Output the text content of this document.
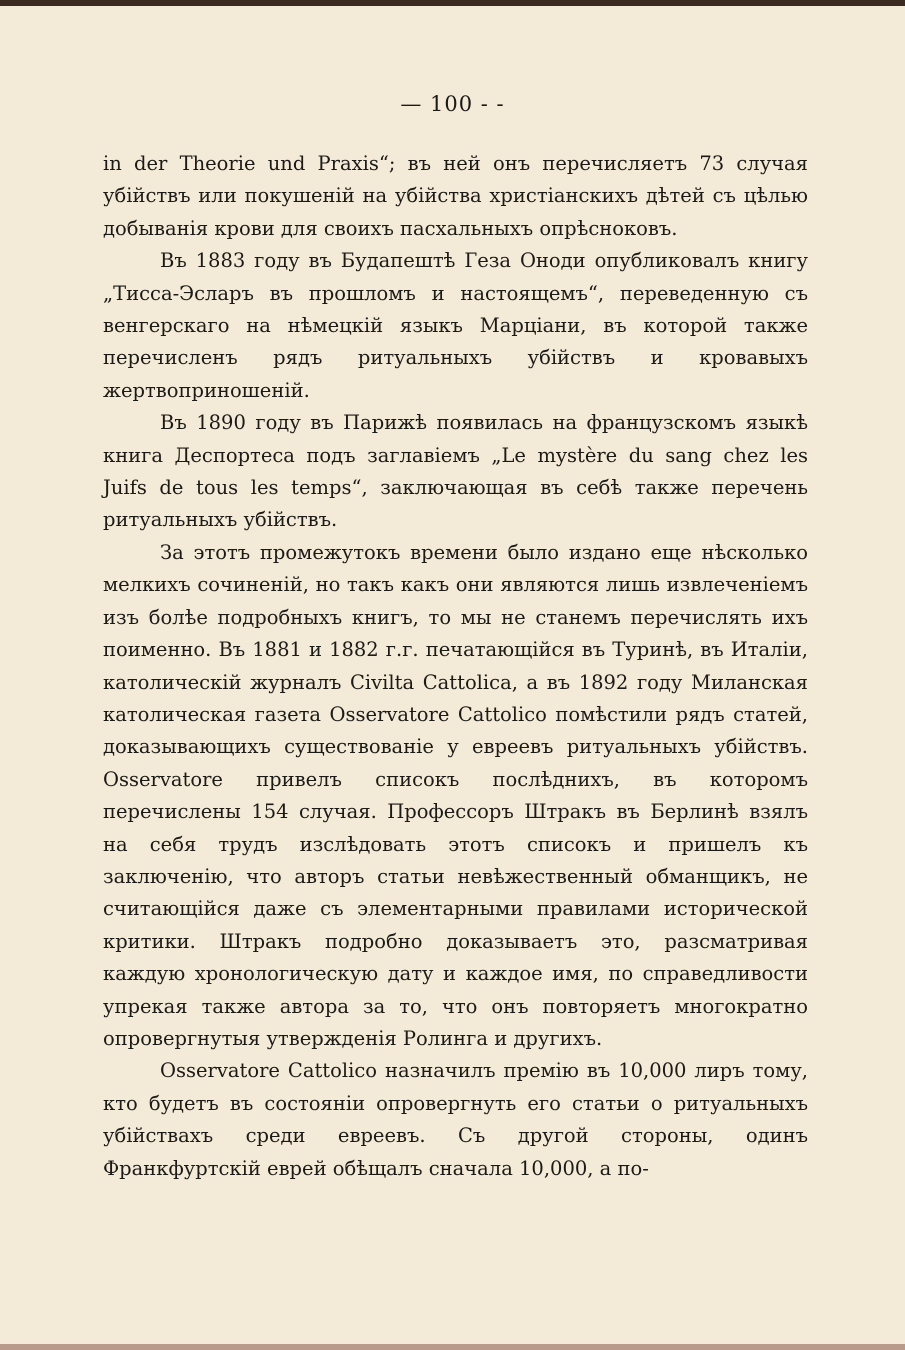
— 100 - -

in der Theorie und Praxis“; въ ней онъ перечисляетъ 73 случая убійствъ или покушеній на убійства христіанскихъ дѣтей съ цѣлью добыванія крови для своихъ пасхальныхъ опрѣсноковъ.

Въ 1883 году въ Будапештѣ Геза Оноди опубликовалъ книгу „Тисса-Эсларъ въ прошломъ и настоящемъ“, переведенную съ венгерскаго на нѣмецкій языкъ Марціани, въ которой также перечисленъ рядъ ритуальныхъ убійствъ и кровавыхъ жертвоприношеній.

Въ 1890 году въ Парижѣ появилась на французскомъ языкѣ книга Деспортеса подъ заглавіемъ „Le mystère du sang chez les Juifs de tous les temps“, заключающая въ себѣ также перечень ритуальныхъ убійствъ.

За этотъ промежутокъ времени было издано еще нѣсколько мелкихъ сочиненій, но такъ какъ они являются лишь извлеченіемъ изъ болѣе подробныхъ книгъ, то мы не станемъ перечислять ихъ поименно. Въ 1881 и 1882 г.г. печатающійся въ Туринѣ, въ Италіи, католическій журналъ Civilta Cattolica, а въ 1892 году Миланская католическая газета Osservatore Cattolico помѣстили рядъ статей, доказывающихъ существованіе у евреевъ ритуальныхъ убійствъ. Osservatore привелъ списокъ послѣднихъ, въ которомъ перечислены 154 случая. Профессоръ Штракъ въ Берлинѣ взялъ на себя трудъ изслѣдовать этотъ списокъ и пришелъ къ заключенію, что авторъ статьи невѣжественный обманщикъ, не считающійся даже съ элементарными правилами исторической критики. Штракъ подробно доказываетъ это, разсматривая каждую хронологическую дату и каждое имя, по справедливости упрекая также автора за то, что онъ повторяетъ многократно опровергнутыя утвержденія Ролинга и другихъ.

Osservatore Cattolico назначилъ премію въ 10,000 лиръ тому, кто будетъ въ состояніи опровергнуть его статьи о ритуальныхъ убійствахъ среди евреевъ. Съ другой стороны, одинъ Франкфуртскій еврей обѣщалъ сначала 10,000, а по-
